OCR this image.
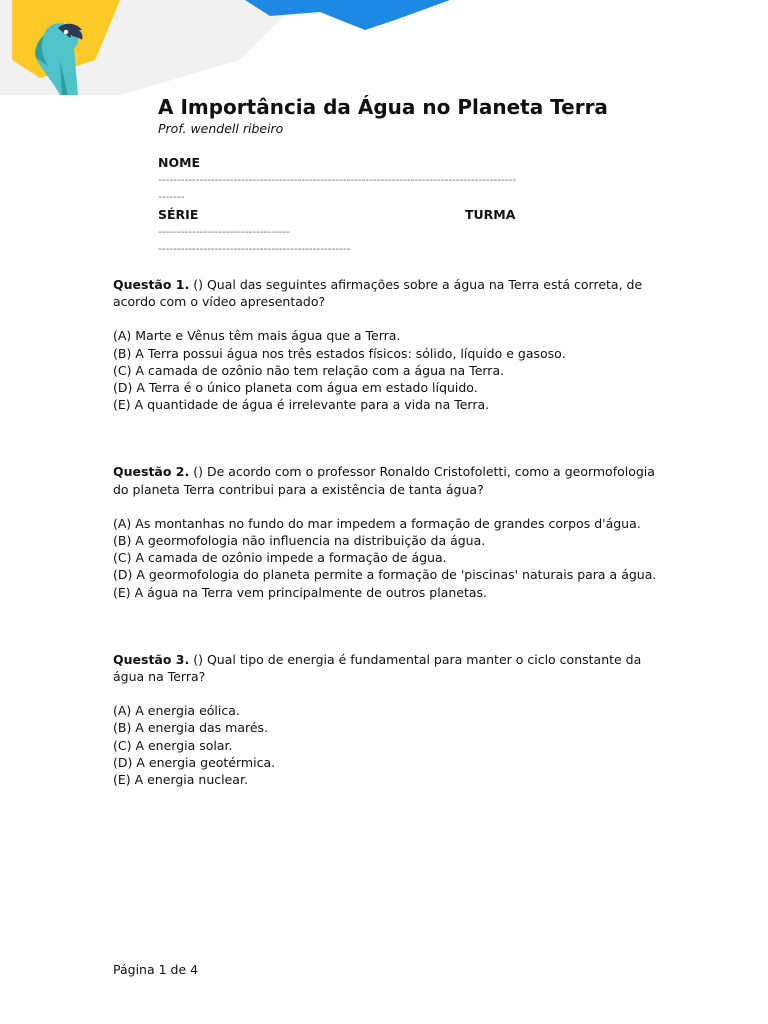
A Importância da Água no Planeta Terra
Prof. wendell ribeiro
NOME
-----------------------------------------------------------------------------------------------
-------
SÉRIE	TURMA
-----------------------------------
---------------------------------------------------

Questão 1. () Qual das seguintes afirmações sobre a água na Terra está correta, de acordo com o vídeo apresentado?

(A) Marte e Vênus têm mais água que a Terra.
(B) A Terra possui água nos três estados físicos: sólido, líquido e gasoso.
(C) A camada de ozônio não tem relação com a água na Terra.
(D) A Terra é o único planeta com água em estado líquido.
(E) A quantidade de água é irrelevante para a vida na Terra.

Questão 2. () De acordo com o professor Ronaldo Cristofoletti, como a geormofologia do planeta Terra contribui para a existência de tanta água?

(A) As montanhas no fundo do mar impedem a formação de grandes corpos d'água.
(B) A geormofologia não influencia na distribuição da água.
(C) A camada de ozônio impede a formação de água.
(D) A geormofologia do planeta permite a formação de 'piscinas' naturais para a água.
(E) A água na Terra vem principalmente de outros planetas.

Questão 3. () Qual tipo de energia é fundamental para manter o ciclo constante da água na Terra?

(A) A energia eólica.
(B) A energia das marés.
(C) A energia solar.
(D) A energia geotérmica.
(E) A energia nuclear.
Página 1 de 4
